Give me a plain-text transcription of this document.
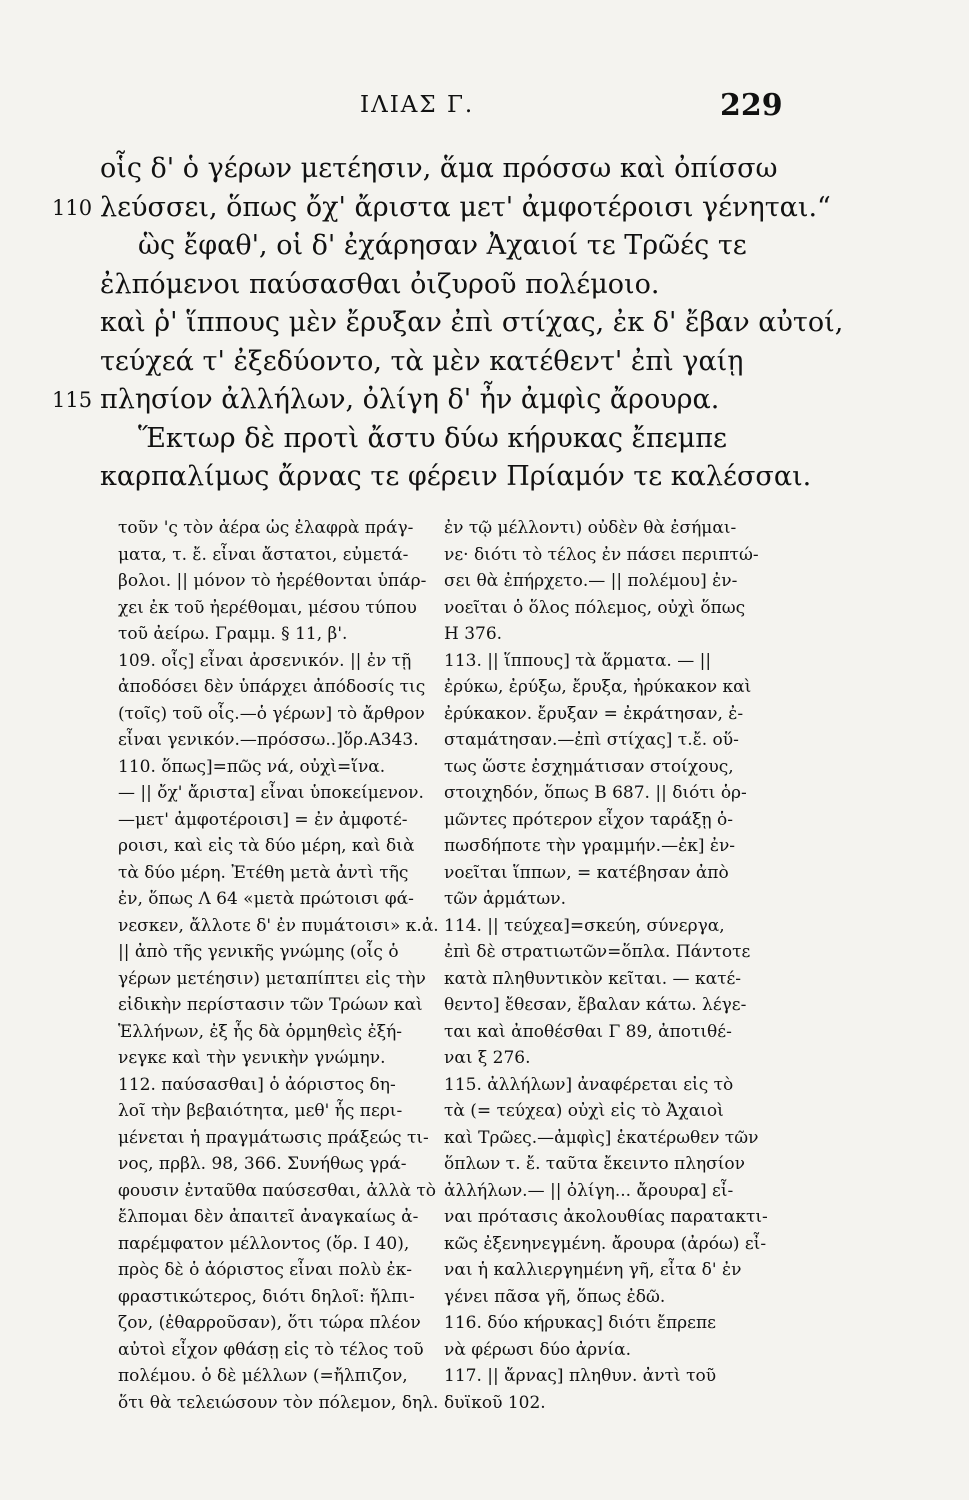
ΙΛΙΑΣ Γ.	229
οἷς δ' ὁ γέρων μετέησιν, ἅμα πρόσσω καὶ ὀπίσσω
110 λεύσσει, ὅπως ὄχ' ἄριστα μετ' ἀμφοτέροισι γένηται.“
ὣς ἔφαθ', οἱ δ' ἐχάρησαν Ἀχαιοί τε Τρῶές τε
ἐλπόμενοι παύσασθαι ὀιζυροῦ πολέμοιο.
καὶ ῥ' ἵππους μὲν ἔρυξαν ἐπὶ στίχας, ἐκ δ' ἔβαν αὐτοί,
τεύχεά τ' ἐξεδύοντο, τὰ μὲν κατέθεντ' ἐπὶ γαίῃ
115 πλησίον ἀλλήλων, ὀλίγη δ' ἦν ἀμφὶς ἄρουρα.
Ἕκτωρ δὲ προτὶ ἄστυ δύω κήρυκας ἔπεμπε
καρπαλίμως ἄρνας τε φέρειν Πρίαμόν τε καλέσσαι.
τοῦν 'ς τὸν ἀέρα ὡς ἐλαφρὰ πράγ-
ματα, τ. ἔ. εἶναι ἄστατοι, εὐμετά-
βολοι. || μόνον τὸ ἠερέθονται ὑπάρ-
χει ἐκ τοῦ ἠερέθομαι, μέσου τύπου
τοῦ ἀείρω. Γραμμ. § 11, β'.
109. οἷς] εἶναι ἀρσενικόν. || ἐν τῇ
ἀποδόσει δὲν ὑπάρχει ἀπόδοσίς τις
(τοῖς) τοῦ οἷς.—ὁ γέρων] τὸ ἄρθρον
εἶναι γενικόν.—πρόσσω..]ὅρ.Α343.
110. ὅπως]=πῶς νά, οὐχὶ=ἵνα.
— || ὄχ' ἄριστα] εἶναι ὑποκείμενον.
—μετ' ἀμφοτέροισι] = ἐν ἀμφοτέ-
ροισι, καὶ εἰς τὰ δύο μέρη, καὶ διὰ
τὰ δύο μέρη. Ἐτέθη μετὰ ἀντὶ τῆς
ἐν, ὅπως Λ 64 «μετὰ πρώτοισι φά-
νεσκεν, ἄλλοτε δ' ἐν πυμάτοισι» κ.ἀ.
|| ἀπὸ τῆς γενικῆς γνώμης (οἷς ὁ
γέρων μετέησιν) μεταπίπτει εἰς τὴν
εἰδικὴν περίστασιν τῶν Τρώων καὶ
Ἑλλήνων, ἐξ ἧς δὰ ὁρμηθεὶς ἐξή-
νεγκε καὶ τὴν γενικὴν γνώμην.
112. παύσασθαι] ὁ ἀόριστος δη-
λοῖ τὴν βεβαιότητα, μεθ' ἧς περι-
μένεται ἡ πραγμάτωσις πράξεώς τι-
νος, πρβλ. 98, 366. Συνήθως γρά-
φουσιν ἐνταῦθα παύσεσθαι, ἀλλὰ τὸ
ἔλπομαι δὲν ἀπαιτεῖ ἀναγκαίως ἀ-
παρέμφατον μέλλοντος (ὅρ. Ι 40),
πρὸς δὲ ὁ ἀόριστος εἶναι πολὺ ἐκ-
φραστικώτερος, διότι δηλοῖ: ἤλπι-
ζον, (ἐθαρροῦσαν), ὅτι τώρα πλέον
αὐτοὶ εἶχον φθάσῃ εἰς τὸ τέλος τοῦ
πολέμου. ὁ δὲ μέλλων (=ἤλπιζον,
ὅτι θὰ τελειώσουν τὸν πόλεμον, δηλ.
ἐν τῷ μέλλοντι) οὐδὲν θὰ ἐσήμαι-
νε· διότι τὸ τέλος ἐν πάσει περιπτώ-
σει θὰ ἐπήρχετο.— || πολέμου] ἐν-
νοεῖται ὁ ὅλος πόλεμος, οὐχὶ ὅπως
Η 376.
113. || ἵππους] τὰ ἅρματα. — ||
ἐρύκω, ἐρύξω, ἔρυξα, ἠρύκακον καὶ
ἐρύκακον. ἔρυξαν = ἐκράτησαν, ἐ-
σταμάτησαν.—ἐπὶ στίχας] τ.ἔ. οὕ-
τως ὥστε ἐσχημάτισαν στοίχους,
στοιχηδόν, ὅπως Β 687. || διότι ὁρ-
μῶντες πρότερον εἶχον ταράξῃ ὁ-
πωσδήποτε τὴν γραμμήν.—ἐκ] ἐν-
νοεῖται ἵππων, = κατέβησαν ἀπὸ
τῶν ἁρμάτων.
114. || τεύχεα]=σκεύη, σύνεργα,
ἐπὶ δὲ στρατιωτῶν=ὅπλα. Πάντοτε
κατὰ πληθυντικὸν κεῖται. — κατέ-
θεντο] ἔθεσαν, ἔβαλαν κάτω. λέγε-
ται καὶ ἀποθέσθαι Γ 89, ἀποτιθέ-
ναι ξ 276.
115. ἀλλήλων] ἀναφέρεται εἰς τὸ
τὰ (= τεύχεα) οὐχὶ εἰς τὸ Ἀχαιοὶ
καὶ Τρῶες.—ἀμφὶς] ἑκατέρωθεν τῶν
ὅπλων τ. ἔ. ταῦτα ἔκειντο πλησίον
ἀλλήλων.— || ὀλίγη... ἄρουρα] εἶ-
ναι πρότασις ἀκολουθίας παρατακτι-
κῶς ἐξενηνεγμένη. ἄρουρα (ἀρόω) εἶ-
ναι ἡ καλλιεργημένη γῆ, εἶτα δ' ἐν
γένει πᾶσα γῆ, ὅπως ἐδῶ.
116. δύο κήρυκας] διότι ἔπρεπε
νὰ φέρωσι δύο ἀρνία.
117. || ἄρνας] πληθυν. ἀντὶ τοῦ
δυϊκοῦ 102.
